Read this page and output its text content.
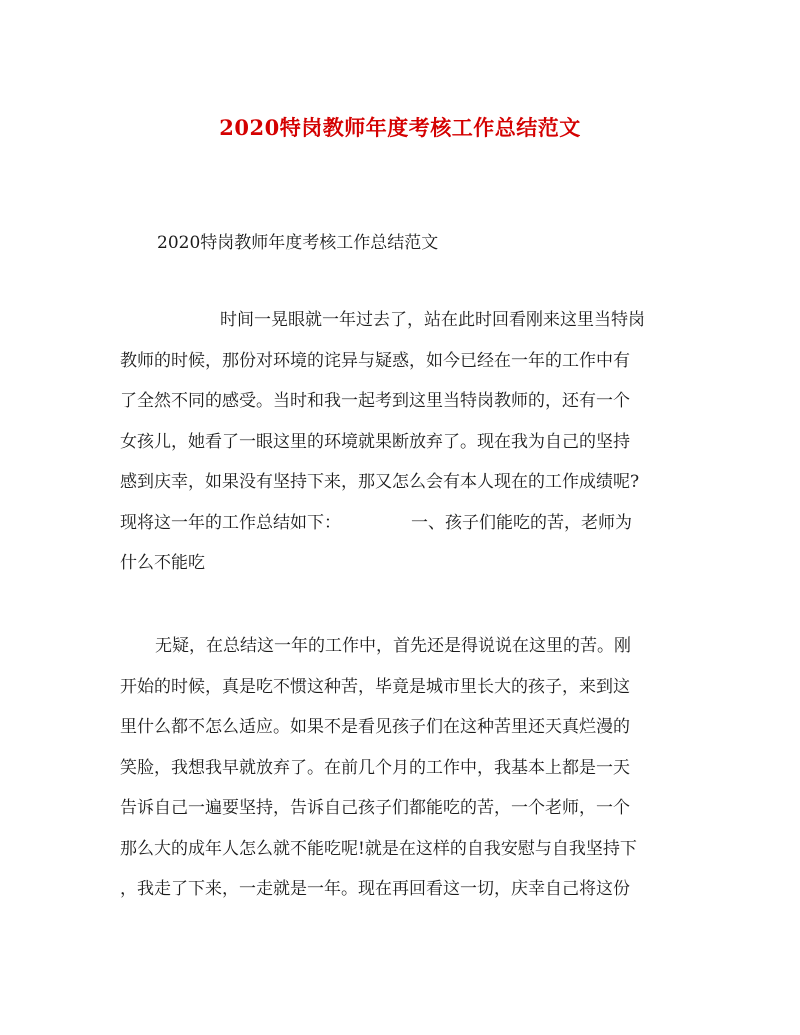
2020特岗教师年度考核工作总结范文

2020特岗教师年度考核工作总结范文

时间一晃眼就一年过去了，站在此时回看刚来这里当特岗
教师的时候，那份对环境的诧异与疑惑，如今已经在一年的工作中有
了全然不同的感受。当时和我一起考到这里当特岗教师的，还有一个
女孩儿，她看了一眼这里的环境就果断放弃了。现在我为自己的坚持
感到庆幸，如果没有坚持下来，那又怎么会有本人现在的工作成绩呢?
现将这一年的工作总结如下：	一、孩子们能吃的苦，老师为
什么不能吃
无疑，在总结这一年的工作中，首先还是得说说在这里的苦。刚
开始的时候，真是吃不惯这种苦，毕竟是城市里长大的孩子，来到这
里什么都不怎么适应。如果不是看见孩子们在这种苦里还天真烂漫的
笑脸，我想我早就放弃了。在前几个月的工作中，我基本上都是一天
告诉自己一遍要坚持，告诉自己孩子们都能吃的苦，一个老师，一个
那么大的成年人怎么就不能吃呢!就是在这样的自我安慰与自我坚持下
，我走了下来，一走就是一年。现在再回看这一切，庆幸自己将这份
